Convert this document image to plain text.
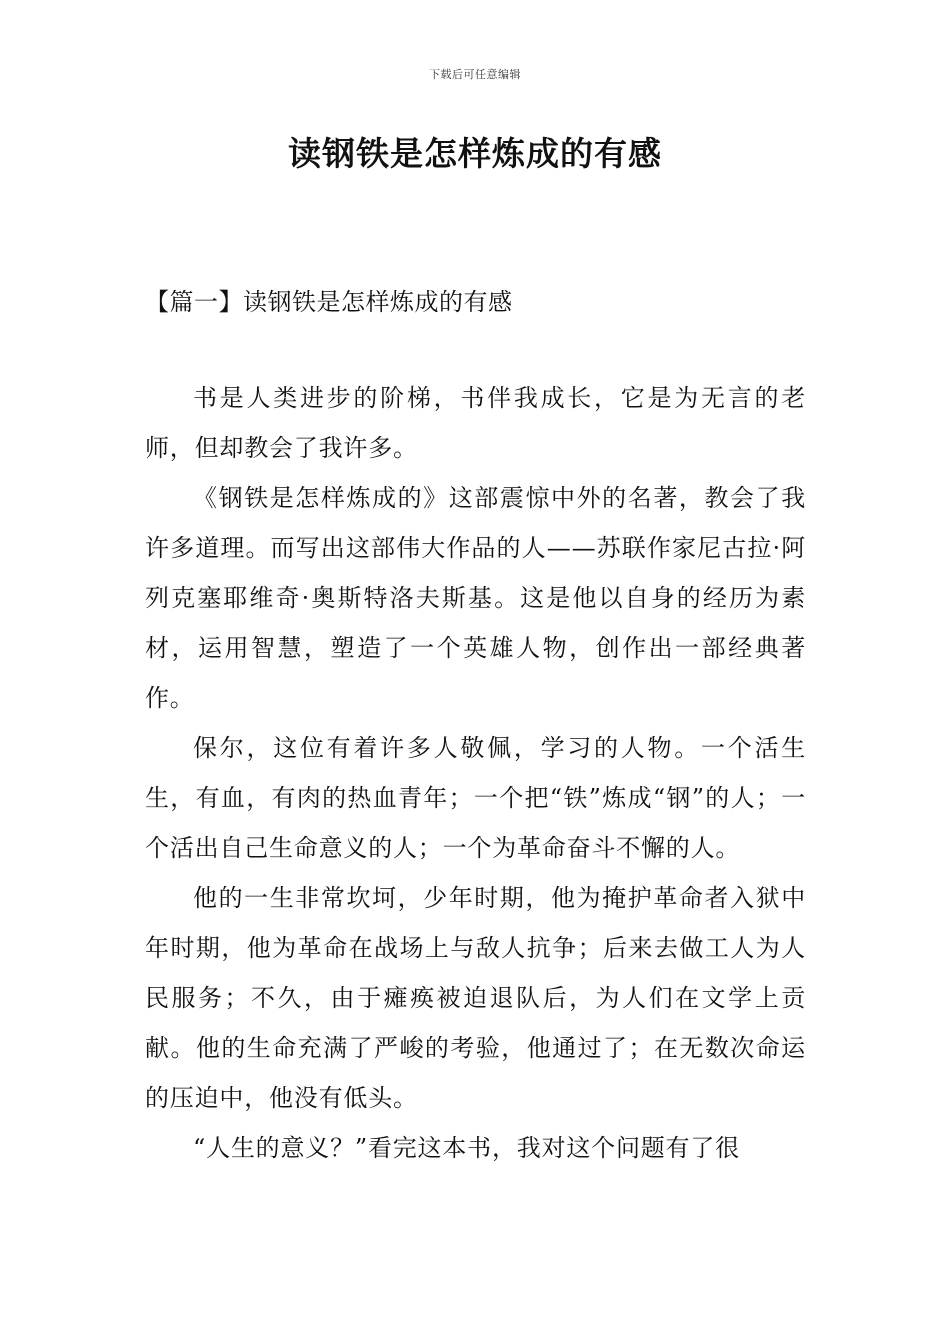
下载后可任意编辑
读钢铁是怎样炼成的有感
【篇一】读钢铁是怎样炼成的有感

书是人类进步的阶梯，书伴我成长，它是为无言的老师，但却教会了我许多。

《钢铁是怎样炼成的》这部震惊中外的名著，教会了我许多道理。而写出这部伟大作品的人——苏联作家尼古拉·阿列克塞耶维奇·奥斯特洛夫斯基。这是他以自身的经历为素材，运用智慧，塑造了一个英雄人物，创作出一部经典著作。

保尔，这位有着许多人敬佩，学习的人物。一个活生生，有血，有肉的热血青年；一个把“铁”炼成“钢”的人；一个活出自己生命意义的人；一个为革命奋斗不懈的人。

他的一生非常坎坷，少年时期，他为掩护革命者入狱中年时期，他为革命在战场上与敌人抗争；后来去做工人为人民服务；不久，由于瘫痪被迫退队后，为人们在文学上贡献。他的生命充满了严峻的考验，他通过了；在无数次命运的压迫中，他没有低头。

“人生的意义？”看完这本书，我对这个问题有了很
